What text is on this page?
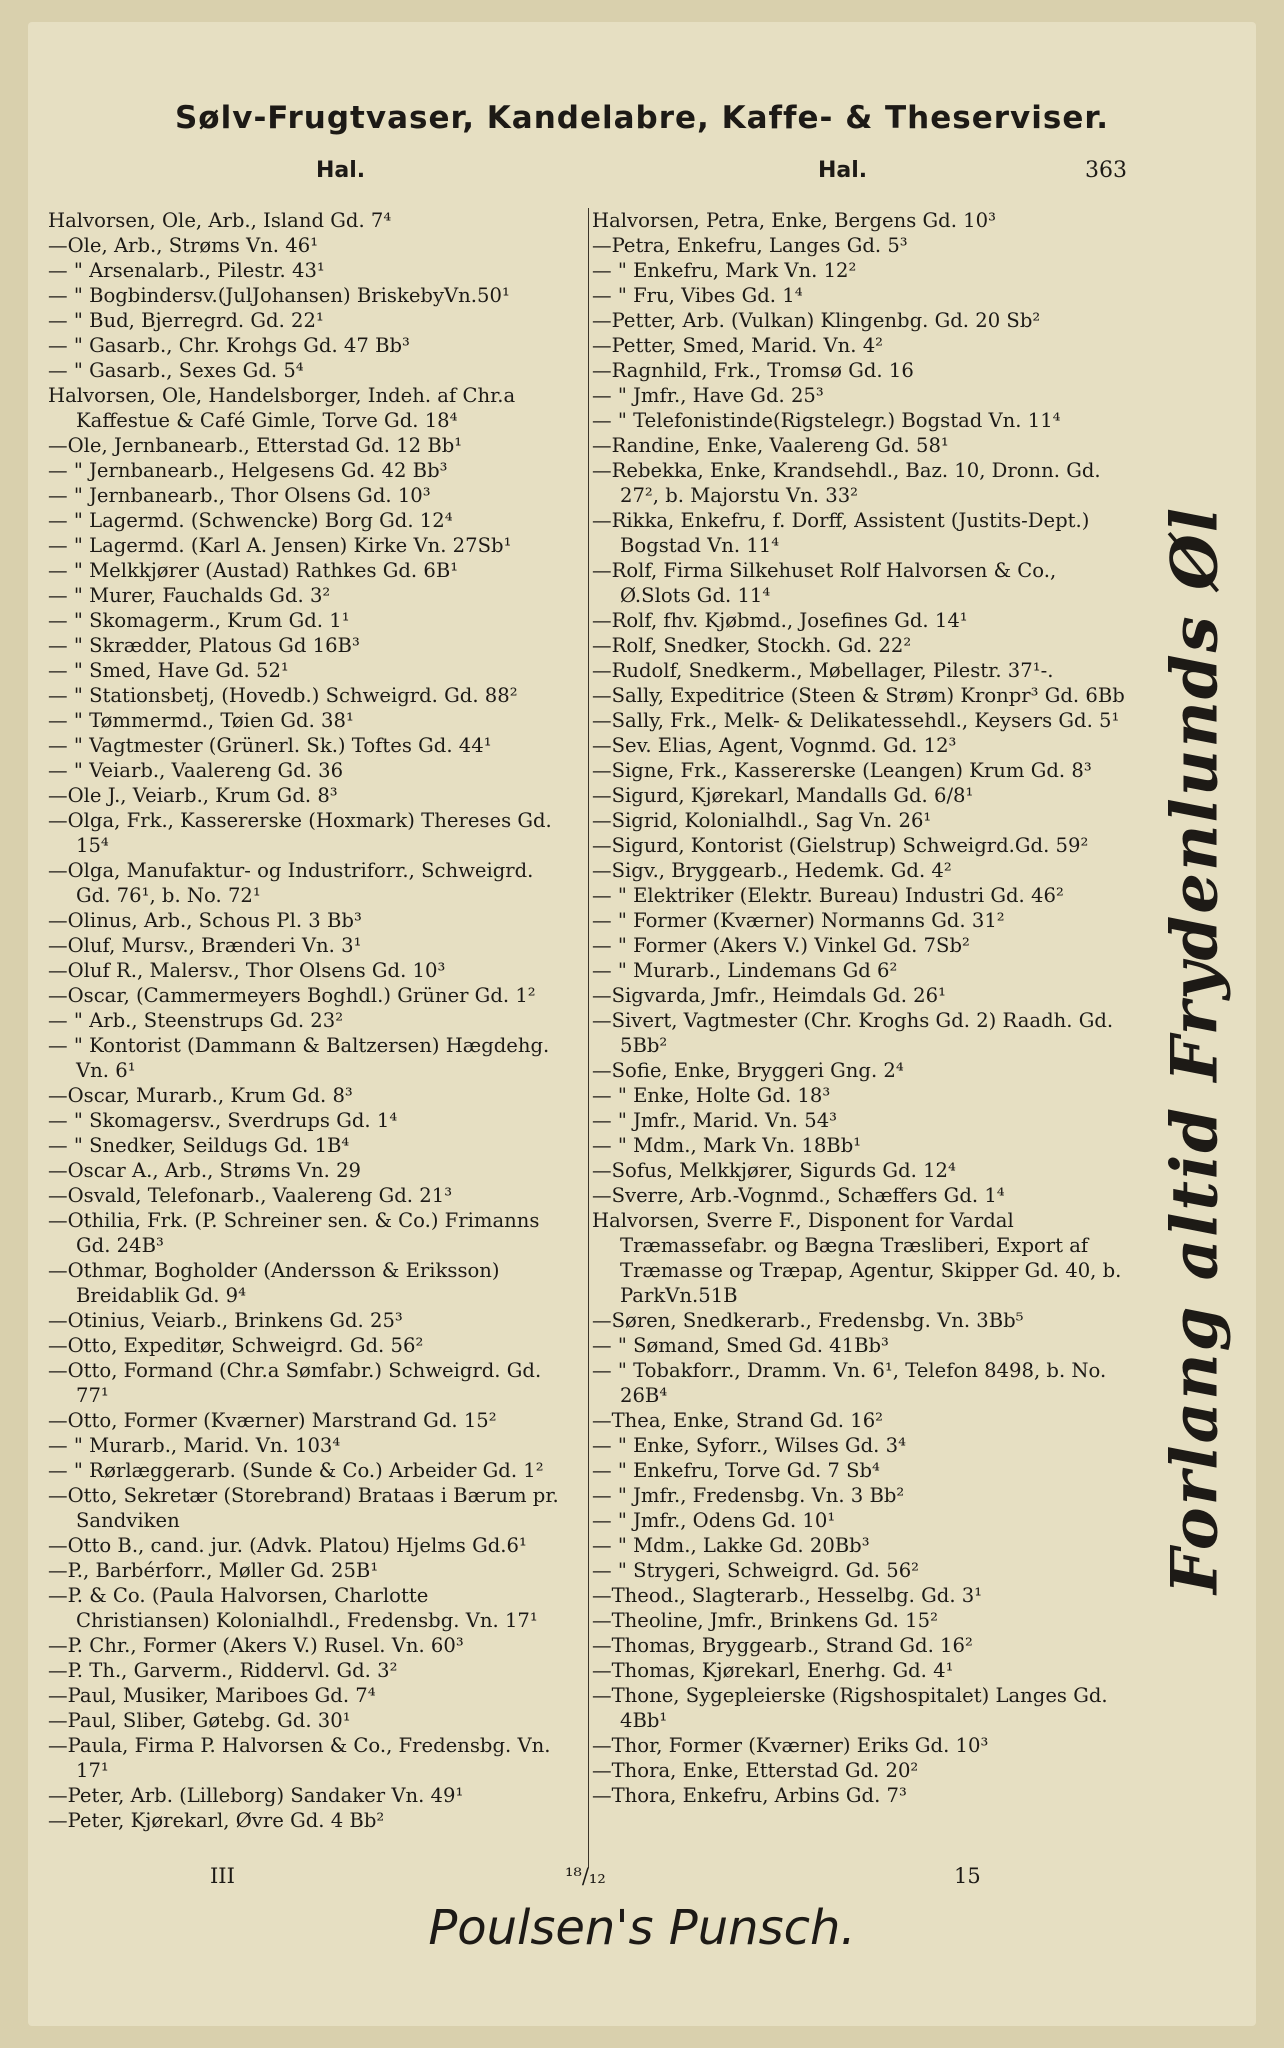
Sølv-Frugtvaser, Kandelabre, Kaffe- & Theserviser.
Hal.	Hal.	363
Halvorsen, Ole, Arb., Island Gd. 7⁴
—Ole, Arb., Strøms Vn. 46¹
— " Arsenalarb., Pilestr. 43¹
— " Bogbindersv.(JulJohansen) BriskebyVn.50¹
— " Bud, Bjerregrd. Gd. 22¹
— " Gasarb., Chr. Krohgs Gd. 47 Bb³
— " Gasarb., Sexes Gd. 5⁴
Halvorsen, Ole, Handelsborger, Indeh. af Chr.a Kaffestue & Café Gimle, Torve Gd. 18⁴
—Ole, Jernbanearb., Etterstad Gd. 12 Bb¹
— " Jernbanearb., Helgesens Gd. 42 Bb³
— " Jernbanearb., Thor Olsens Gd. 10³
— " Lagermd. (Schwencke) Borg Gd. 12⁴
— " Lagermd. (Karl A. Jensen) Kirke Vn. 27Sb¹
— " Melkkjører (Austad) Rathkes Gd. 6B¹
— " Murer, Fauchalds Gd. 3²
— " Skomagerm., Krum Gd. 1¹
— " Skrædder, Platous Gd 16B³
— " Smed, Have Gd. 52¹
— " Stationsbetj, (Hovedb.) Schweigrd. Gd. 88²
— " Tømmermd., Tøien Gd. 38¹
— " Vagtmester (Grünerl. Sk.) Toftes Gd. 44¹
— " Veiarb., Vaalereng Gd. 36
—Ole J., Veiarb., Krum Gd. 8³
—Olga, Frk., Kassererske (Hoxmark) Thereses Gd. 15⁴
—Olga, Manufaktur- og Industriforr., Schweigrd. Gd. 76¹, b. No. 72¹
—Olinus, Arb., Schous Pl. 3 Bb³
—Oluf, Mursv., Brænderi Vn. 3¹
—Oluf R., Malersv., Thor Olsens Gd. 10³
—Oscar, (Cammermeyers Boghdl.) Grüner Gd. 1²
— " Arb., Steenstrups Gd. 23²
— " Kontorist (Dammann & Baltzersen) Hægdehg. Vn. 6¹
—Oscar, Murarb., Krum Gd. 8³
— " Skomagersv., Sverdrups Gd. 1⁴
— " Snedker, Seildugs Gd. 1B⁴
—Oscar A., Arb., Strøms Vn. 29
—Osvald, Telefonarb., Vaalereng Gd. 21³
—Othilia, Frk. (P. Schreiner sen. & Co.) Frimanns Gd. 24B³
—Othmar, Bogholder (Andersson & Eriksson) Breidablik Gd. 9⁴
—Otinius, Veiarb., Brinkens Gd. 25³
—Otto, Expeditør, Schweigrd. Gd. 56²
—Otto, Formand (Chr.a Sømfabr.) Schweigrd. Gd. 77¹
—Otto, Former (Kværner) Marstrand Gd. 15²
— " Murarb., Marid. Vn. 103⁴
— " Rørlæggerarb. (Sunde & Co.) Arbeider Gd. 1²
—Otto, Sekretær (Storebrand) Brataas i Bærum pr. Sandviken
—Otto B., cand. jur. (Advk. Platou) Hjelms Gd.6¹
—P., Barbérforr., Møller Gd. 25B¹
—P. & Co. (Paula Halvorsen, Charlotte Christiansen) Kolonialhdl., Fredensbg. Vn. 17¹
—P. Chr., Former (Akers V.) Rusel. Vn. 60³
—P. Th., Garverm., Riddervl. Gd. 3²
—Paul, Musiker, Mariboes Gd. 7⁴
—Paul, Sliber, Gøtebg. Gd. 30¹
—Paula, Firma P. Halvorsen & Co., Fredensbg. Vn. 17¹
—Peter, Arb. (Lilleborg) Sandaker Vn. 49¹
—Peter, Kjørekarl, Øvre Gd. 4 Bb²
Halvorsen, Petra, Enke, Bergens Gd. 10³
—Petra, Enkefru, Langes Gd. 5³
— " Enkefru, Mark Vn. 12²
— " Fru, Vibes Gd. 1⁴
—Petter, Arb. (Vulkan) Klingenbg. Gd. 20 Sb²
—Petter, Smed, Marid. Vn. 4²
—Ragnhild, Frk., Tromsø Gd. 16
— " Jmfr., Have Gd. 25³
— " Telefonistinde(Rigstelegr.) Bogstad Vn. 11⁴
—Randine, Enke, Vaalereng Gd. 58¹
—Rebekka, Enke, Krandsehdl., Baz. 10, Dronn. Gd. 27², b. Majorstu Vn. 33²
—Rikka, Enkefru, f. Dorff, Assistent (Justits-Dept.) Bogstad Vn. 11⁴
—Rolf, Firma Silkehuset Rolf Halvorsen & Co., Ø.Slots Gd. 11⁴
—Rolf, fhv. Kjøbmd., Josefines Gd. 14¹
—Rolf, Snedker, Stockh. Gd. 22²
—Rudolf, Snedkerm., Møbellager, Pilestr. 37¹-.
—Sally, Expeditrice (Steen & Strøm) Kronpr³ Gd. 6Bb
—Sally, Frk., Melk- & Delikatessehdl., Keysers Gd. 5¹
—Sev. Elias, Agent, Vognmd. Gd. 12³
—Signe, Frk., Kassererske (Leangen) Krum Gd. 8³
—Sigurd, Kjørekarl, Mandalls Gd. 6/8¹
—Sigrid, Kolonialhdl., Sag Vn. 26¹
—Sigurd, Kontorist (Gielstrup) Schweigrd.Gd. 59²
—Sigv., Bryggearb., Hedemk. Gd. 4²
— " Elektriker (Elektr. Bureau) Industri Gd. 46²
— " Former (Kværner) Normanns Gd. 31²
— " Former (Akers V.) Vinkel Gd. 7Sb²
— " Murarb., Lindemans Gd 6²
—Sigvarda, Jmfr., Heimdals Gd. 26¹
—Sivert, Vagtmester (Chr. Kroghs Gd. 2) Raadh. Gd. 5Bb²
—Sofie, Enke, Bryggeri Gng. 2⁴
— " Enke, Holte Gd. 18³
— " Jmfr., Marid. Vn. 54³
— " Mdm., Mark Vn. 18Bb¹
—Sofus, Melkkjører, Sigurds Gd. 12⁴
—Sverre, Arb.-Vognmd., Schæffers Gd. 1⁴
Halvorsen, Sverre F., Disponent for Vardal Træmassefabr. og Bægna Træsliberi, Export af Træmasse og Træpap, Agentur, Skipper Gd. 40, b. ParkVn.51B
—Søren, Snedkerarb., Fredensbg. Vn. 3Bb⁵
— " Sømand, Smed Gd. 41Bb³
— " Tobakforr., Dramm. Vn. 6¹, Telefon 8498, b. No. 26B⁴
—Thea, Enke, Strand Gd. 16²
— " Enke, Syforr., Wilses Gd. 3⁴
— " Enkefru, Torve Gd. 7 Sb⁴
— " Jmfr., Fredensbg. Vn. 3 Bb²
— " Jmfr., Odens Gd. 10¹
— " Mdm., Lakke Gd. 20Bb³
— " Strygeri, Schweigrd. Gd. 56²
—Theod., Slagterarb., Hesselbg. Gd. 3¹
—Theoline, Jmfr., Brinkens Gd. 15²
—Thomas, Bryggearb., Strand Gd. 16²
—Thomas, Kjørekarl, Enerhg. Gd. 4¹
—Thone, Sygepleierske (Rigshospitalet) Langes Gd. 4Bb¹
—Thor, Former (Kværner) Eriks Gd. 10³
—Thora, Enke, Etterstad Gd. 20²
—Thora, Enkefru, Arbins Gd. 7³
III	¹⁸/₁₂	15
Forlang altid Frydenlunds Øl
Poulsen's Punsch.
